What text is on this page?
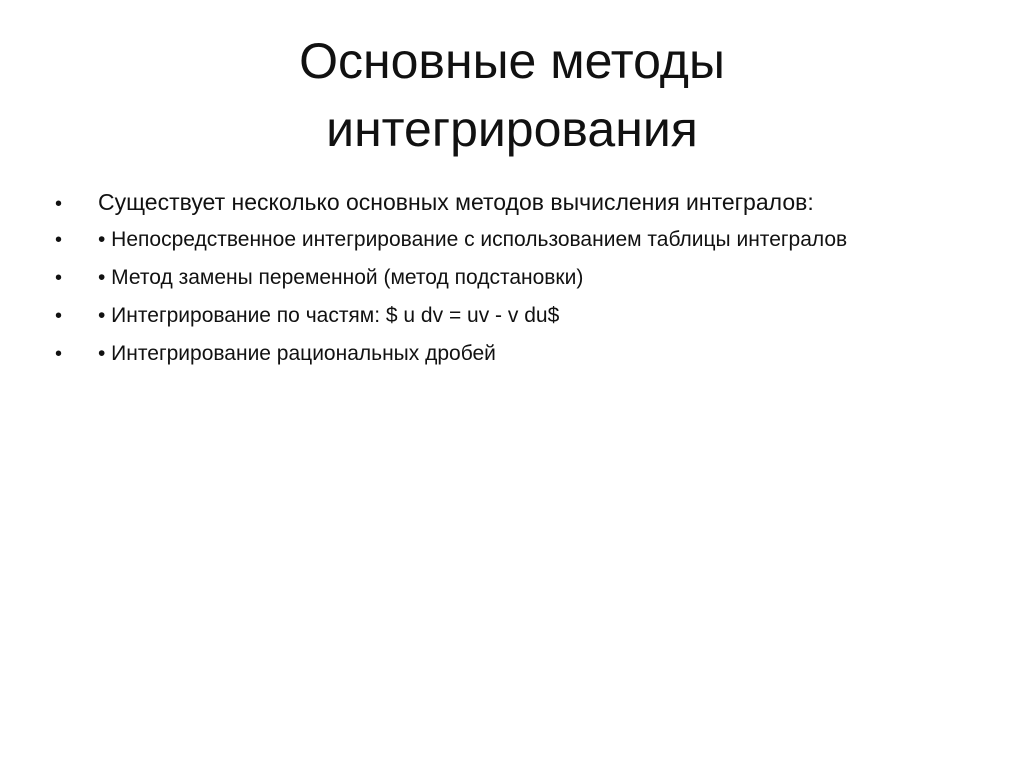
Основные методы
интегрирования
•	Существует несколько основных методов вычисления интегралов:
•	• Непосредственное интегрирование с использованием таблицы интегралов
•	• Метод замены переменной (метод подстановки)
•	• Интегрирование по частям: $ u dv = uv - v du$
•	• Интегрирование рациональных дробей
